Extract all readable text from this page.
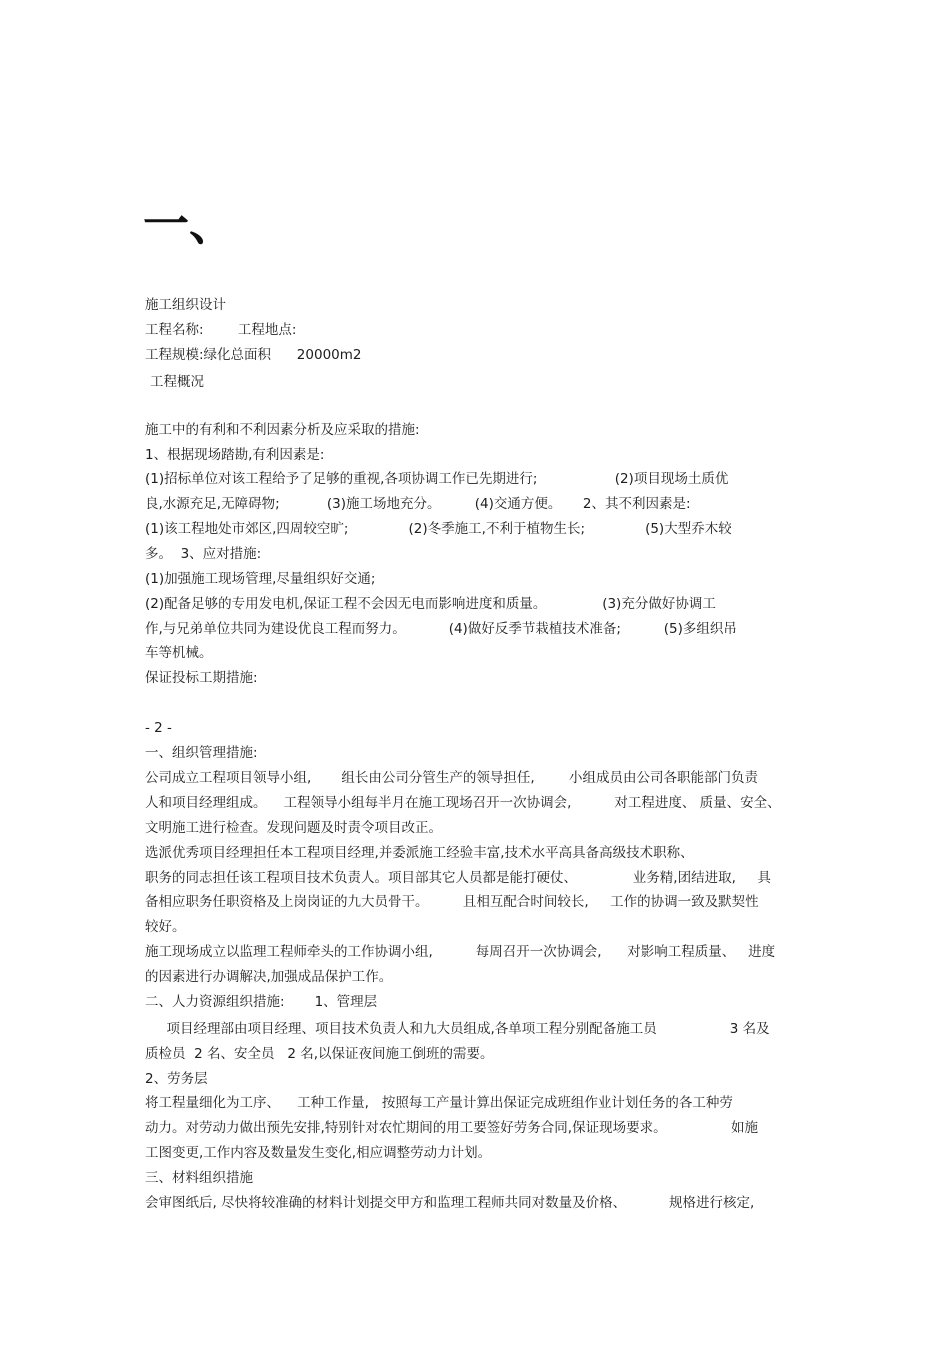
一、
施工组织设计
工程名称:        工程地点:
工程规模:绿化总面积      20000m2
工程概况
施工中的有利和不利因素分析及应采取的措施:
1、根据现场踏勘,有利因素是:
(1)招标单位对该工程给予了足够的重视,各项协调工作已先期进行;                  (2)项目现场土质优
良,水源充足,无障碍物;           (3)施工场地充分。        (4)交通方便。     2、其不利因素是:
(1)该工程地处市郊区,四周较空旷;              (2)冬季施工,不利于植物生长;              (5)大型乔木较
多。  3、应对措施:
(1)加强施工现场管理,尽量组织好交通;
(2)配备足够的专用发电机,保证工程不会因无电而影响进度和质量。             (3)充分做好协调工
作,与兄弟单位共同为建设优良工程而努力。          (4)做好反季节栽植技术准备;          (5)多组织吊
车等机械。
保证投标工期措施:
- 2 -
一、组织管理措施:
公司成立工程项目领导小组,       组长由公司分管生产的领导担任,        小组成员由公司各职能部门负责
人和项目经理组成。    工程领导小组每半月在施工现场召开一次协调会,          对工程进度、 质量、安全、
文明施工进行检查。发现问题及时责令项目改正。
选派优秀项目经理担任本工程项目经理,并委派施工经验丰富,技术水平高具备高级技术职称、
职务的同志担任该工程项目技术负责人。项目部其它人员都是能打硬仗、             业务精,团结进取,     具
备相应职务任职资格及上岗岗证的九大员骨干。        且相互配合时间较长,     工作的协调一致及默契性
较好。
施工现场成立以监理工程师牵头的工作协调小组,          每周召开一次协调会,      对影响工程质量、   进度
的因素进行办调解决,加强成品保护工作。
二、人力资源组织措施:       1、管理层
项目经理部由项目经理、项目技术负责人和九大员组成,各单项工程分别配备施工员                 3 名及
质检员  2 名、安全员   2 名,以保证夜间施工倒班的需要。
2、劳务层
将工程量细化为工序、    工种工作量,   按照每工产量计算出保证完成班组作业计划任务的各工种劳
动力。对劳动力做出预先安排,特别针对农忙期间的用工要签好劳务合同,保证现场要求。               如施
工图变更,工作内容及数量发生变化,相应调整劳动力计划。
三、材料组织措施
会审图纸后, 尽快将较准确的材料计划提交甲方和监理工程师共同对数量及价格、          规格进行核定,
